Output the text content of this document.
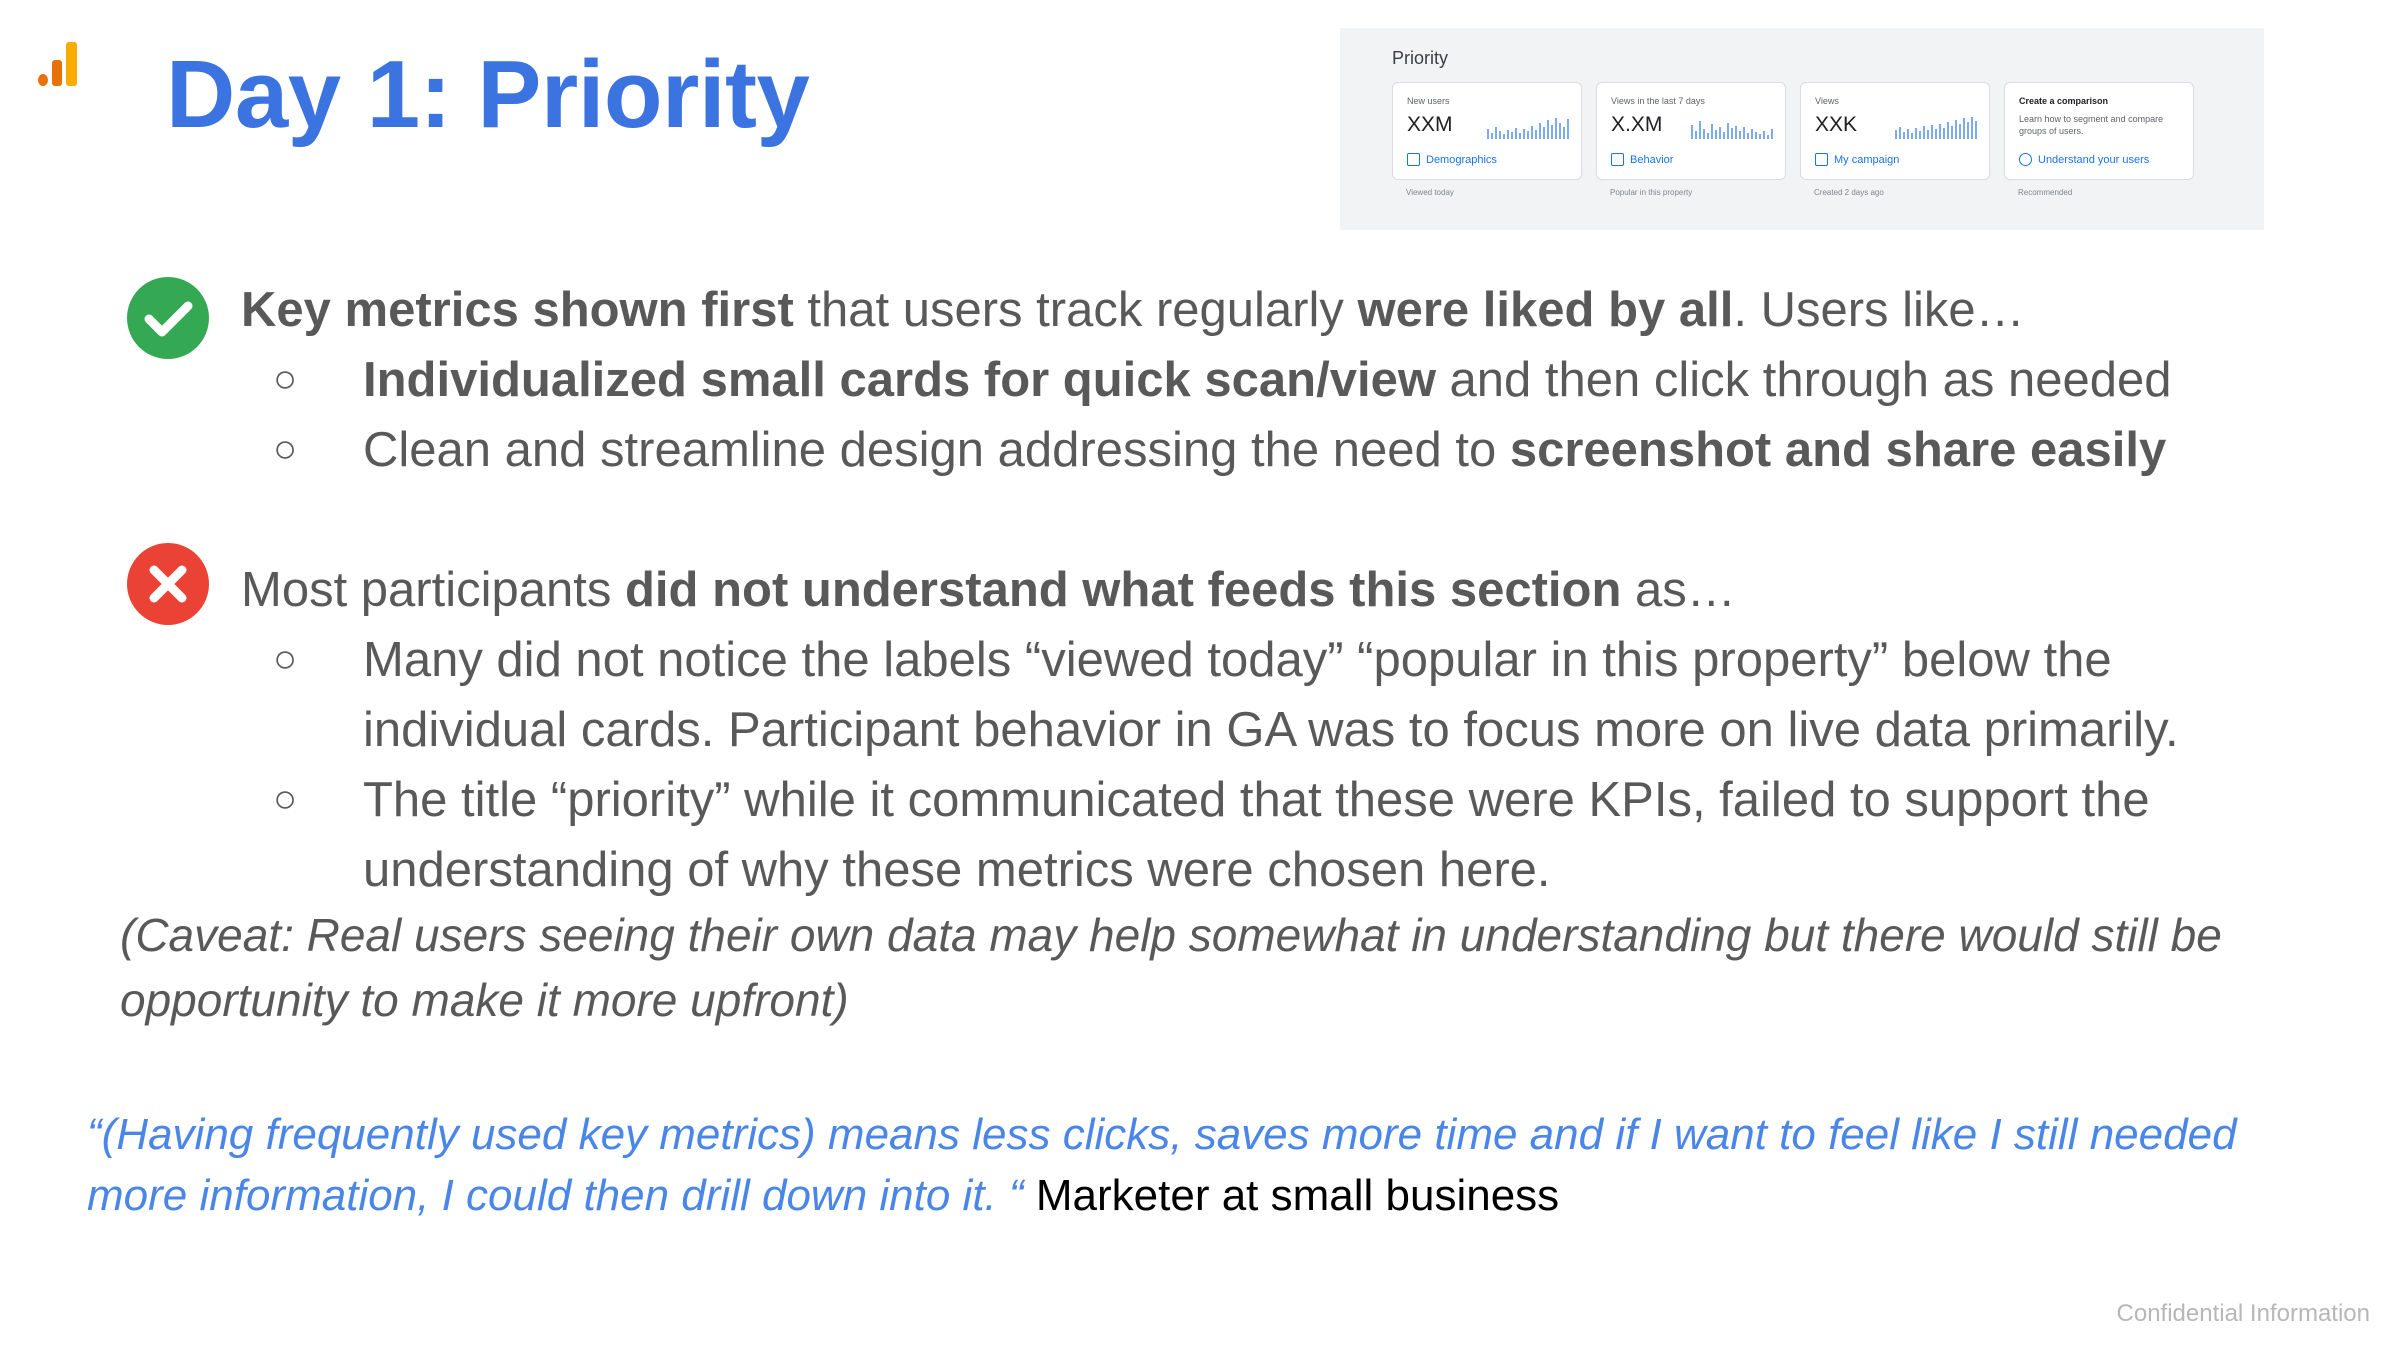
Day 1: Priority	Priority
New users
XXM
Demographics
Viewed today
Views in the last 7 days
X.XM
Behavior
Popular in this property
Views
XXK
My campaign
Created 2 days ago
Create a comparison
Learn how to segment and compare groups of users.
Understand your users
Recommended
Key metrics shown first that users track regularly were liked by all. Users like…
○ Individualized small cards for quick scan/view and then click through as needed
○ Clean and streamline design addressing the need to screenshot and share easily
Most participants did not understand what feeds this section as…
○ Many did not notice the labels “viewed today” “popular in this property” below the
individual cards. Participant behavior in GA was to focus more on live data primarily.
○ The title “priority” while it communicated that these were KPIs, failed to support the
understanding of why these metrics were chosen here.
(Caveat: Real users seeing their own data may help somewhat in understanding but there would still be opportunity to make it more upfront)
“(Having frequently used key metrics) means less clicks, saves more time and if I want to feel like I still needed more information, I could then drill down into it. “ Marketer at small business
Confidential Information
